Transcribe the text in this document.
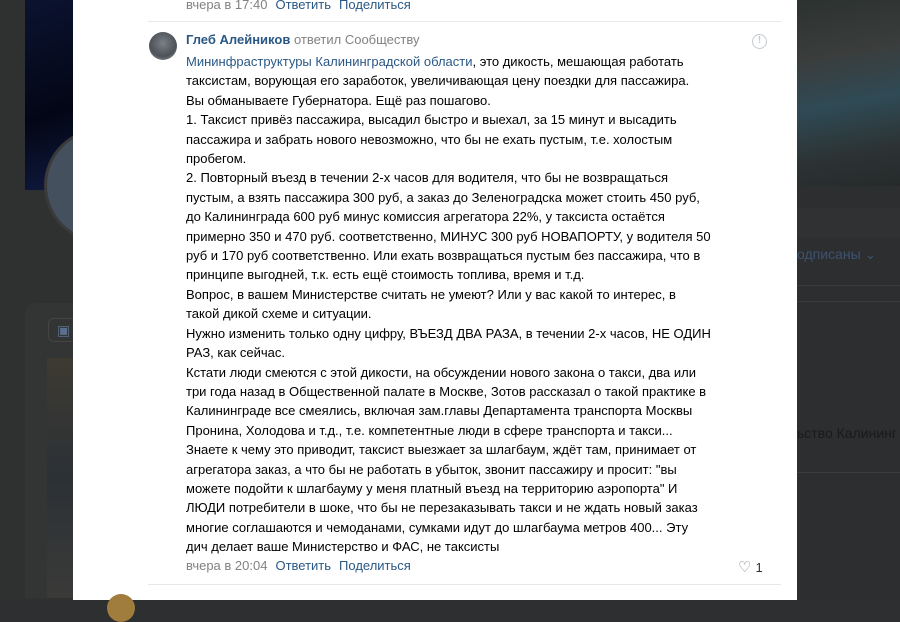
▣
одписаны ⌄
ьство Калининг
вчера в 17:40 Ответить Поделиться
Глеб Алейников ответил Сообществу	!
Мининфраструктуры Калининградской области, это дикость, мешающая работать
таксистам, ворующая его заработок, увеличивающая цену поездки для пассажира.
Вы обманываете Губернатора. Ещё раз пошагово.
1. Таксист привёз пассажира, высадил быстро и выехал, за 15 минут и высадить
пассажира и забрать нового невозможно, что бы не ехать пустым, т.е. холостым
пробегом.
2. Повторный въезд в течении 2-х часов для водителя, что бы не возвращаться
пустым, а взять пассажира 300 руб, а заказ до Зеленоградска может стоить 450 руб,
до Калининграда 600 руб минус комиссия агрегатора 22%, у таксиста остаётся
примерно 350 и 470 руб. соответственно, МИНУС 300 руб НОВАПОРТУ, у водителя 50
руб и 170 руб соответственно. Или ехать возвращаться пустым без пассажира, что в
принципе выгодней, т.к. есть ещё стоимость топлива, время и т.д.
Вопрос, в вашем Министерстве считать не умеют? Или у вас какой то интерес, в
такой дикой схеме и ситуации.
Нужно изменить только одну цифру, ВЪЕЗД ДВА РАЗА, в течении 2-х часов, НЕ ОДИН
РАЗ, как сейчас.
Кстати люди смеются с этой дикости, на обсуждении нового закона о такси, два или
три года назад в Общественной палате в Москве, Зотов рассказал о такой практике в
Калининграде все смеялись, включая зам.главы Департамента транспорта Москвы
Пронина, Холодова и т.д., т.е. компетентные люди в сфере транспорта и такси...
Знаете к чему это приводит, таксист выезжает за шлагбаум, ждёт там, принимает от
агрегатора заказ, а что бы не работать в убыток, звонит пассажиру и просит: "вы
можете подойти к шлагбауму у меня платный въезд на территорию аэропорта" И
ЛЮДИ потребители в шоке, что бы не перезаказывать такси и не ждать новый заказ
многие соглашаются и чемоданами, сумками идут до шлагбаума метров 400... Эту
дич делает ваше Министерство и ФАС, не таксисты
вчера в 20:04 Ответить Поделиться	♡ 1
